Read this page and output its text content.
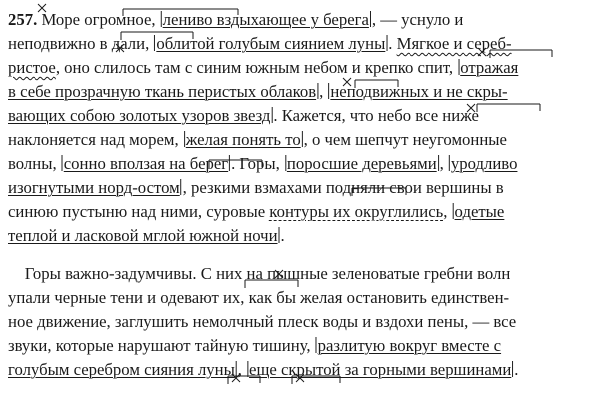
257. Море огромное, лениво вздыхающее у берега , — уснуло и
неподвижно в дали, облитой голубым сиянием луны . Мягкое и сереб-
ристое, оно слилось там с синим южным небом и крепко спит, отражая
в себе прозрачную ткань перистых облаков , неподвижных и не скры-
вающих собою золотых узоров звезд . Кажется, что небо все ниже
наклоняется над морем, желая понять то , о чем шепчут неугомонные
волны, сонно вползая на берег . Горы, поросшие деревьями , уродливо
изогнутыми норд-остом , резкими взмахами подняли свои вершины в
синюю пустыню над ними, суровые контуры их округлились, одетые
теплой и ласковой мглой южной ночи .
Горы важно-задумчивы. С них на пышные зеленоватые гребни волн
упали черные тени и одевают их, как бы желая остановить единствен-
ное движение, заглушить немолчный плеск воды и вздохи пены, — все
звуки, которые нарушают тайную тишину, разлитую вокруг вместе с
голубым серебром сияния луны , еще скрытой за горными вершинами .
